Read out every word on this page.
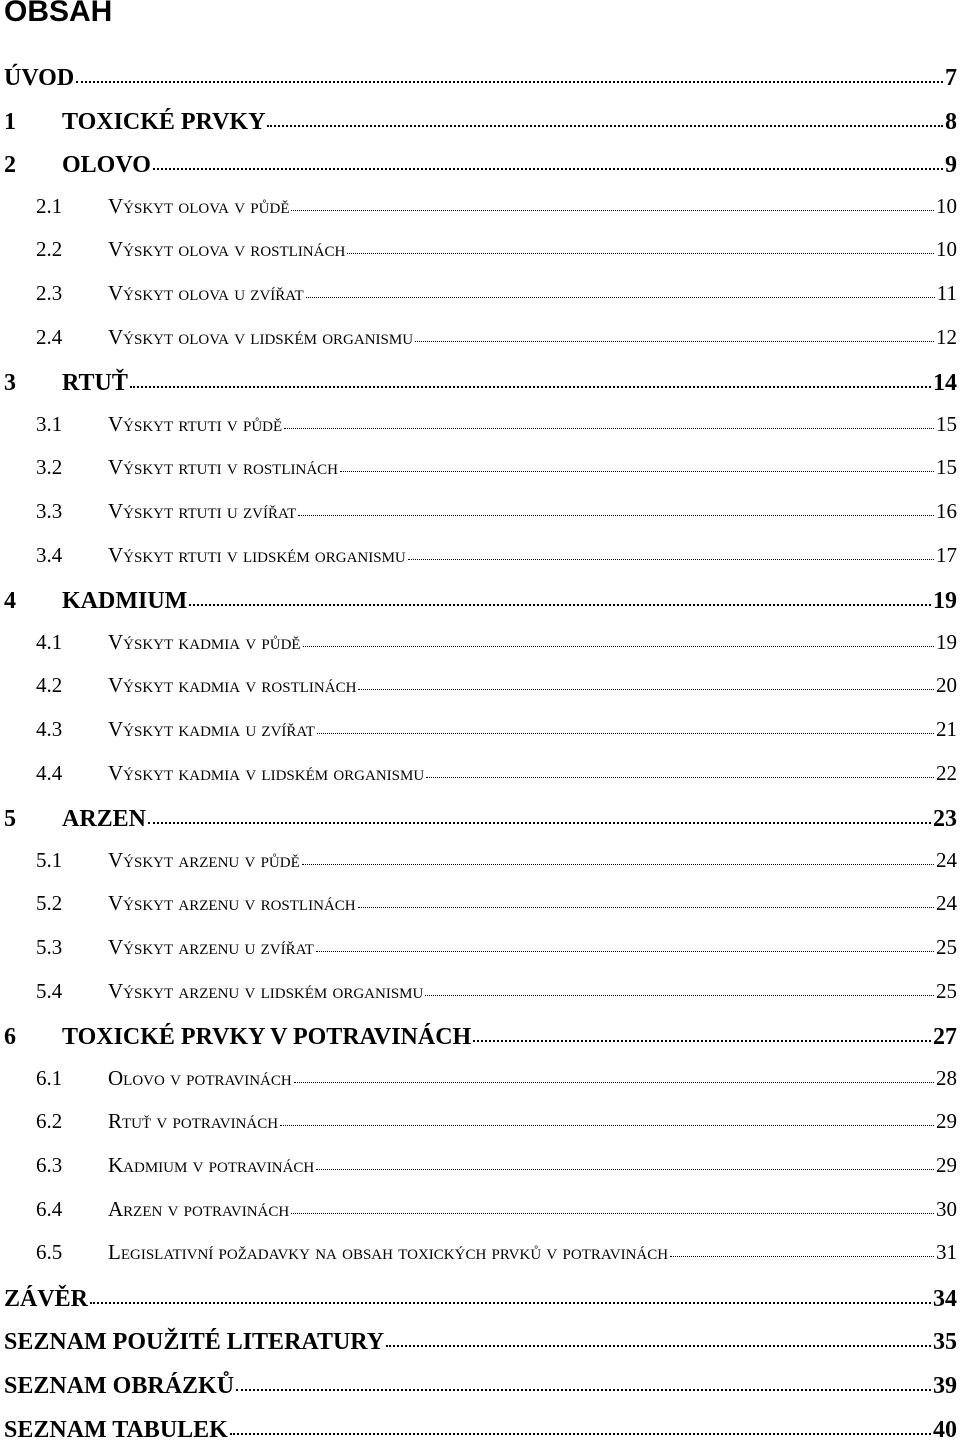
OBSAH
ÚVOD	7
1	TOXICKÉ PRVKY	8
2	OLOVO	9
2.1	Výskyt olova v půdě	10
2.2	Výskyt olova v rostlinách	10
2.3	Výskyt olova u zvířat	11
2.4	Výskyt olova v lidském organismu	12
3	RTUŤ	14
3.1	Výskyt rtuti v půdě	15
3.2	Výskyt rtuti v rostlinách	15
3.3	Výskyt rtuti u zvířat	16
3.4	Výskyt rtuti v lidském organismu	17
4	KADMIUM	19
4.1	Výskyt kadmia v půdě	19
4.2	Výskyt kadmia v rostlinách	20
4.3	Výskyt kadmia u zvířat	21
4.4	Výskyt kadmia v lidském organismu	22
5	ARZEN	23
5.1	Výskyt arzenu v půdě	24
5.2	Výskyt arzenu v rostlinách	24
5.3	Výskyt arzenu u zvířat	25
5.4	Výskyt arzenu v lidském organismu	25
6	TOXICKÉ PRVKY V POTRAVINÁCH	27
6.1	Olovo v potravinách	28
6.2	Rtuť v potravinách	29
6.3	Kadmium v potravinách	29
6.4	Arzen v potravinách	30
6.5	Legislativní požadavky na obsah toxických prvků v potravinách	31
ZÁVĚR	34
SEZNAM POUŽITÉ LITERATURY	35
SEZNAM OBRÁZKŮ	39
SEZNAM TABULEK	40
